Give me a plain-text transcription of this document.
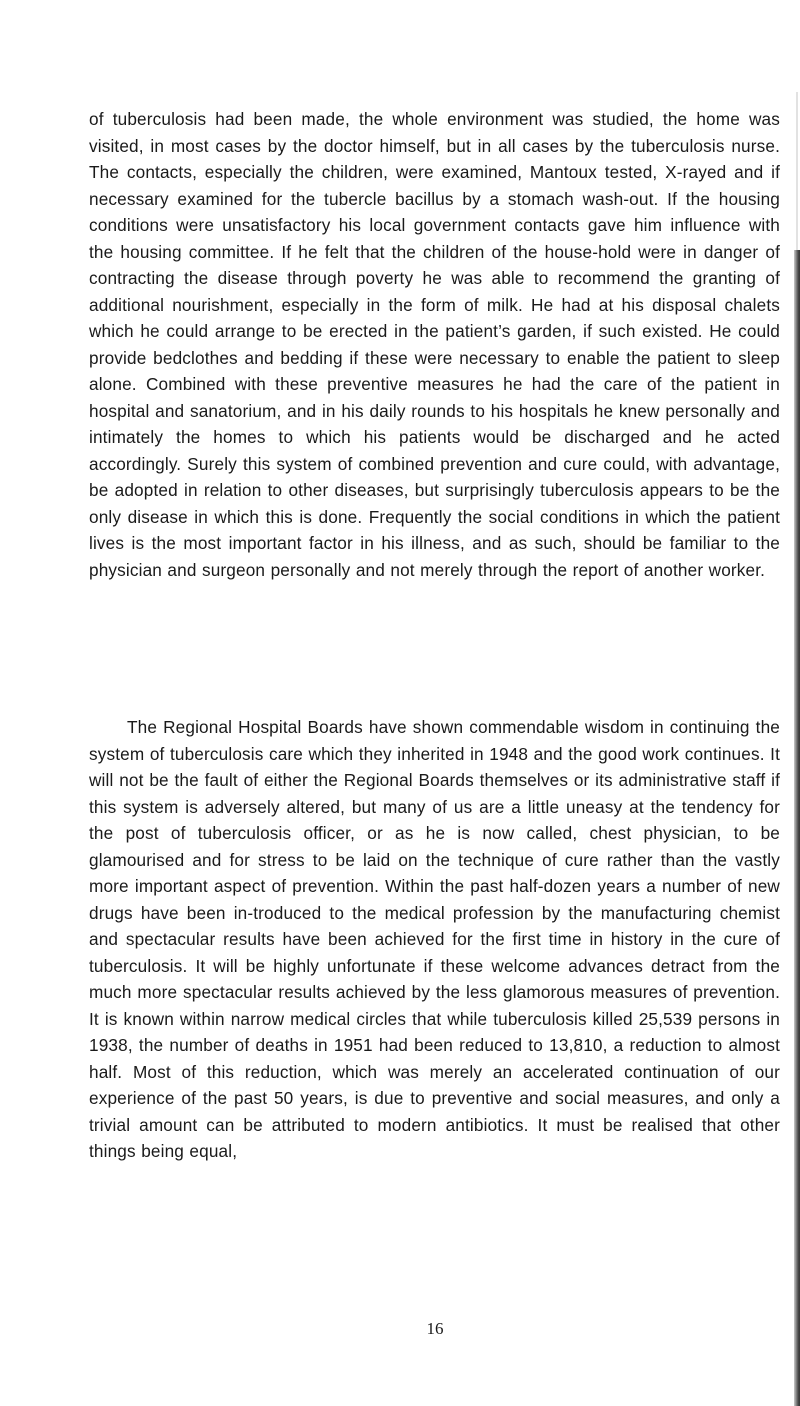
of tuberculosis had been made, the whole environment was studied, the home was visited, in most cases by the doctor himself, but in all cases by the tuberculosis nurse. The contacts, especially the children, were examined, Mantoux tested, X-rayed and if necessary examined for the tubercle bacillus by a stomach wash-out. If the housing conditions were unsatisfactory his local government contacts gave him influence with the housing committee. If he felt that the children of the house-hold were in danger of contracting the disease through poverty he was able to recommend the granting of additional nourishment, especially in the form of milk. He had at his disposal chalets which he could arrange to be erected in the patient’s garden, if such existed. He could provide bedclothes and bedding if these were necessary to enable the patient to sleep alone. Combined with these preventive measures he had the care of the patient in hospital and sanatorium, and in his daily rounds to his hospitals he knew personally and intimately the homes to which his patients would be discharged and he acted accordingly. Surely this system of combined prevention and cure could, with advantage, be adopted in relation to other diseases, but surprisingly tuberculosis appears to be the only disease in which this is done. Frequently the social conditions in which the patient lives is the most important factor in his illness, and as such, should be familiar to the physician and surgeon personally and not merely through the report of another worker.

The Regional Hospital Boards have shown commendable wisdom in continuing the system of tuberculosis care which they inherited in 1948 and the good work continues. It will not be the fault of either the Regional Boards themselves or its administrative staff if this system is adversely altered, but many of us are a little uneasy at the tendency for the post of tuberculosis officer, or as he is now called, chest physician, to be glamourised and for stress to be laid on the technique of cure rather than the vastly more important aspect of prevention. Within the past half-dozen years a number of new drugs have been in-troduced to the medical profession by the manufacturing chemist and spectacular results have been achieved for the first time in history in the cure of tuberculosis. It will be highly unfortunate if these welcome advances detract from the much more spectacular results achieved by the less glamorous measures of prevention. It is known within narrow medical circles that while tuberculosis killed 25,539 persons in 1938, the number of deaths in 1951 had been reduced to 13,810, a reduction to almost half. Most of this reduction, which was merely an accelerated continuation of our experience of the past 50 years, is due to preventive and social measures, and only a trivial amount can be attributed to modern antibiotics. It must be realised that other things being equal,

16
